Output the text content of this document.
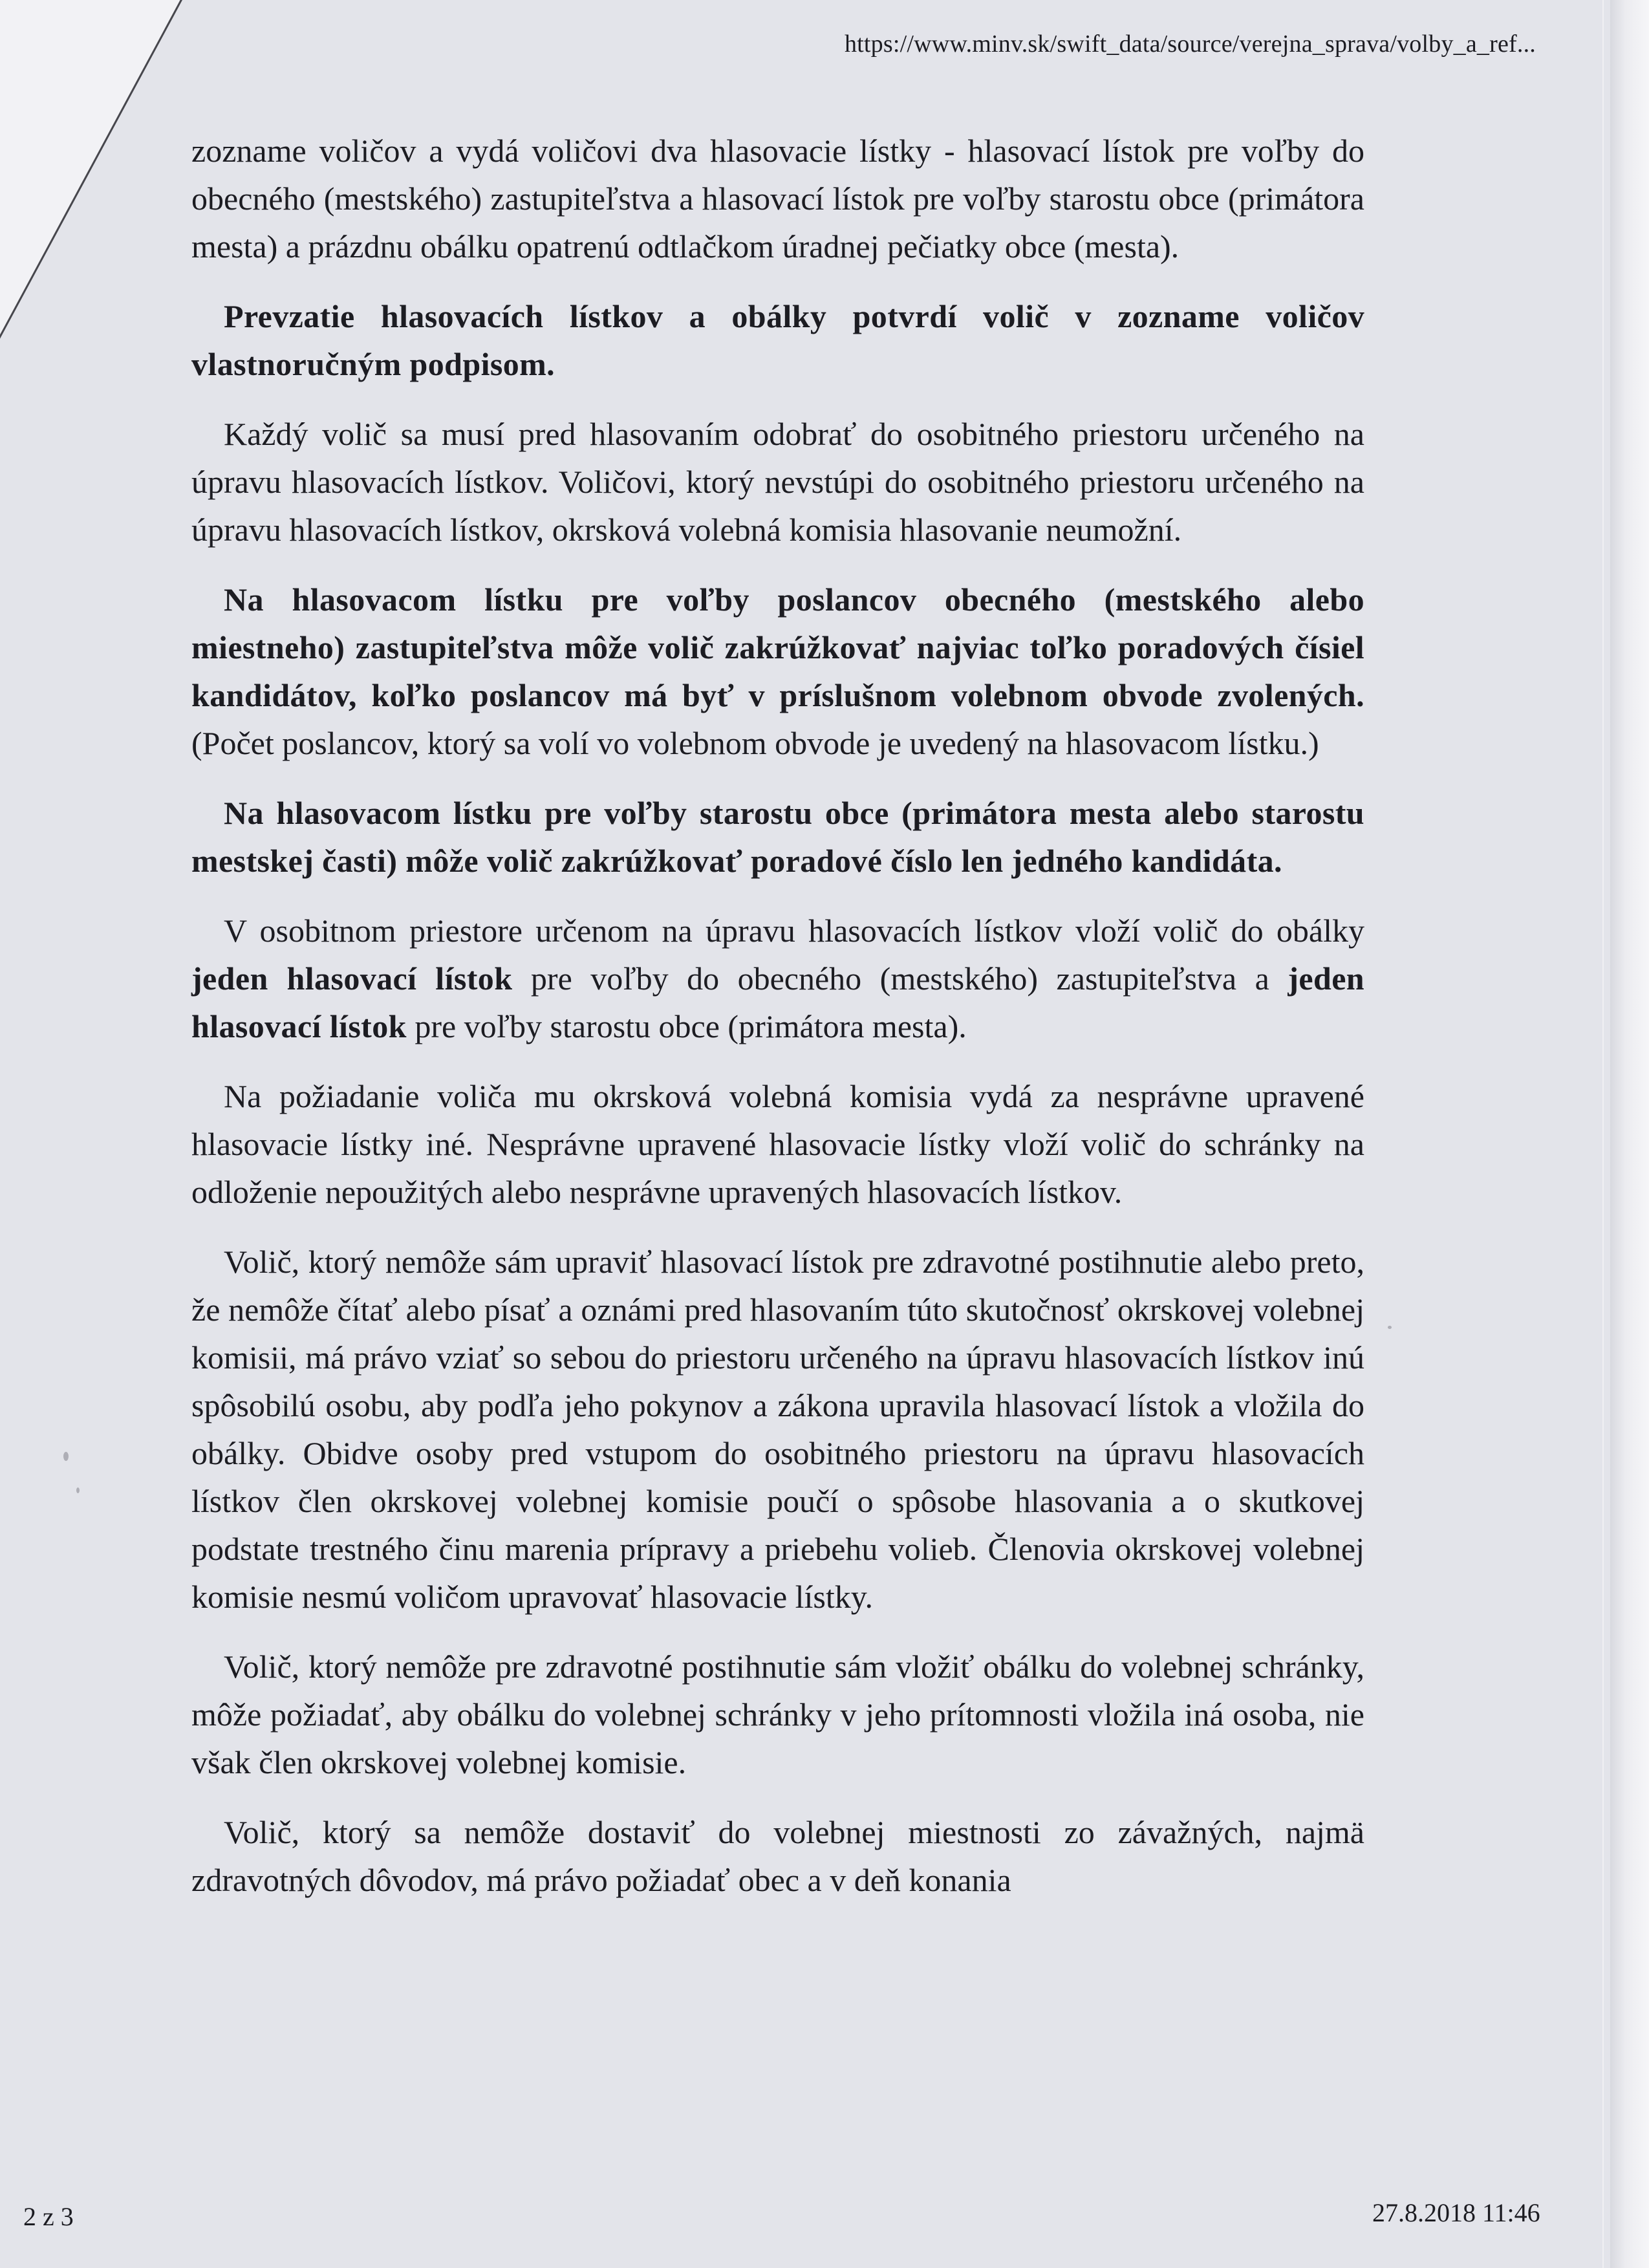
https://www.minv.sk/swift_data/source/verejna_sprava/volby_a_ref...

zozname voličov a vydá voličovi dva hlasovacie lístky - hlasovací lístok pre voľby do obecného (mestského) zastupiteľstva a hlasovací lístok pre voľby starostu obce (primátora mesta) a prázdnu obálku opatrenú odtlačkom úradnej pečiatky obce (mesta).

Prevzatie hlasovacích lístkov a obálky potvrdí volič v zozname voličov vlastnoručným podpisom.

Každý volič sa musí pred hlasovaním odobrať do osobitného priestoru určeného na úpravu hlasovacích lístkov. Voličovi, ktorý nevstúpi do osobitného priestoru určeného na úpravu hlasovacích lístkov, okrsková volebná komisia hlasovanie neumožní.

Na hlasovacom lístku pre voľby poslancov obecného (mestského alebo miestneho) zastupiteľstva môže volič zakrúžkovať najviac toľko poradových čísiel kandidátov, koľko poslancov má byť v príslušnom volebnom obvode zvolených. (Počet poslancov, ktorý sa volí vo volebnom obvode je uvedený na hlasovacom lístku.)

Na hlasovacom lístku pre voľby starostu obce (primátora mesta alebo starostu mestskej časti) môže volič zakrúžkovať poradové číslo len jedného kandidáta.

V osobitnom priestore určenom na úpravu hlasovacích lístkov vloží volič do obálky jeden hlasovací lístok pre voľby do obecného (mestského) zastupiteľstva a jeden hlasovací lístok pre voľby starostu obce (primátora mesta).

Na požiadanie voliča mu okrsková volebná komisia vydá za nesprávne upravené hlasovacie lístky iné. Nesprávne upravené hlasovacie lístky vloží volič do schránky na odloženie nepoužitých alebo nesprávne upravených hlasovacích lístkov.

Volič, ktorý nemôže sám upraviť hlasovací lístok pre zdravotné postihnutie alebo preto, že nemôže čítať alebo písať a oznámi pred hlasovaním túto skutočnosť okrskovej volebnej komisii, má právo vziať so sebou do priestoru určeného na úpravu hlasovacích lístkov inú spôsobilú osobu, aby podľa jeho pokynov a zákona upravila hlasovací lístok a vložila do obálky. Obidve osoby pred vstupom do osobitného priestoru na úpravu hlasovacích lístkov člen okrskovej volebnej komisie poučí o spôsobe hlasovania a o skutkovej podstate trestného činu marenia prípravy a priebehu volieb. Členovia okrskovej volebnej komisie nesmú voličom upravovať hlasovacie lístky.

Volič, ktorý nemôže pre zdravotné postihnutie sám vložiť obálku do volebnej schránky, môže požiadať, aby obálku do volebnej schránky v jeho prítomnosti vložila iná osoba, nie však člen okrskovej volebnej komisie.

Volič, ktorý sa nemôže dostaviť do volebnej miestnosti zo závažných, najmä zdravotných dôvodov, má právo požiadať obec a v deň konania

2 z 3	27.8.2018 11:46
